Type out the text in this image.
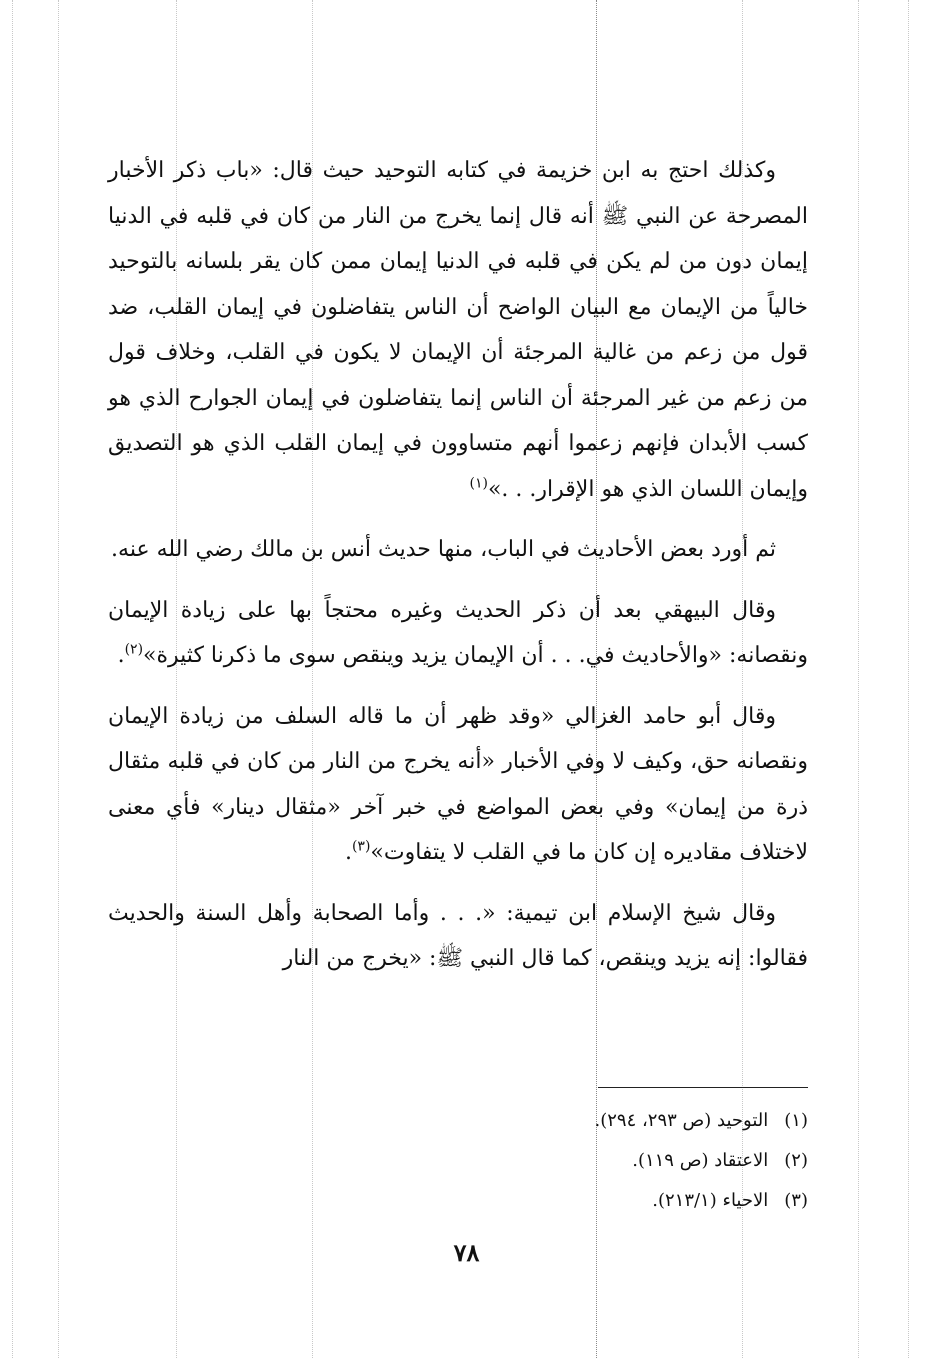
وكذلك احتج به ابن خزيمة في كتابه التوحيد حيث قال: «باب ذكر الأخبار المصرحة عن النبي ﷺ أنه قال إنما يخرج من النار من كان في قلبه في الدنيا إيمان دون من لم يكن في قلبه في الدنيا إيمان ممن كان يقر بلسانه بالتوحيد خالياً من الإيمان مع البيان الواضح أن الناس يتفاضلون في إيمان القلب، ضد قول من زعم من غالية المرجئة أن الإيمان لا يكون في القلب، وخلاف قول من زعم من غير المرجئة أن الناس إنما يتفاضلون في إيمان الجوارح الذي هو كسب الأبدان فإنهم زعموا أنهم متساوون في إيمان القلب الذي هو التصديق وإيمان اللسان الذي هو الإقرار. . .»$^{(١)}$

ثم أورد بعض الأحاديث في الباب، منها حديث أنس بن مالك رضي الله عنه.

وقال البيهقي بعد أن ذكر الحديث وغيره محتجاً بها على زيادة الإيمان ونقصانه: «والأحاديث في. . . أن الإيمان يزيد وينقص سوى ما ذكرنا كثيرة»$^{(٢)}$.

وقال أبو حامد الغزالي «وقد ظهر أن ما قاله السلف من زيادة الإيمان ونقصانه حق، وكيف لا وفي الأخبار «أنه يخرج من النار من كان في قلبه مثقال ذرة من إيمان» وفي بعض المواضع في خبر آخر «مثقال دينار» فأي معنى لاختلاف مقاديره إن كان ما في القلب لا يتفاوت»$^{(٣)}$.

وقال شيخ الإسلام ابن تيمية: «. . . وأما الصحابة وأهل السنة والحديث فقالوا: إنه يزيد وينقص، كما قال النبي ﷺ: «يخرج من النار

(١) التوحيد (ص ٢٩٣، ٢٩٤).
(٢) الاعتقاد (ص ١١٩).
(٣) الاحياء (٢١٣/١).
٧٨
